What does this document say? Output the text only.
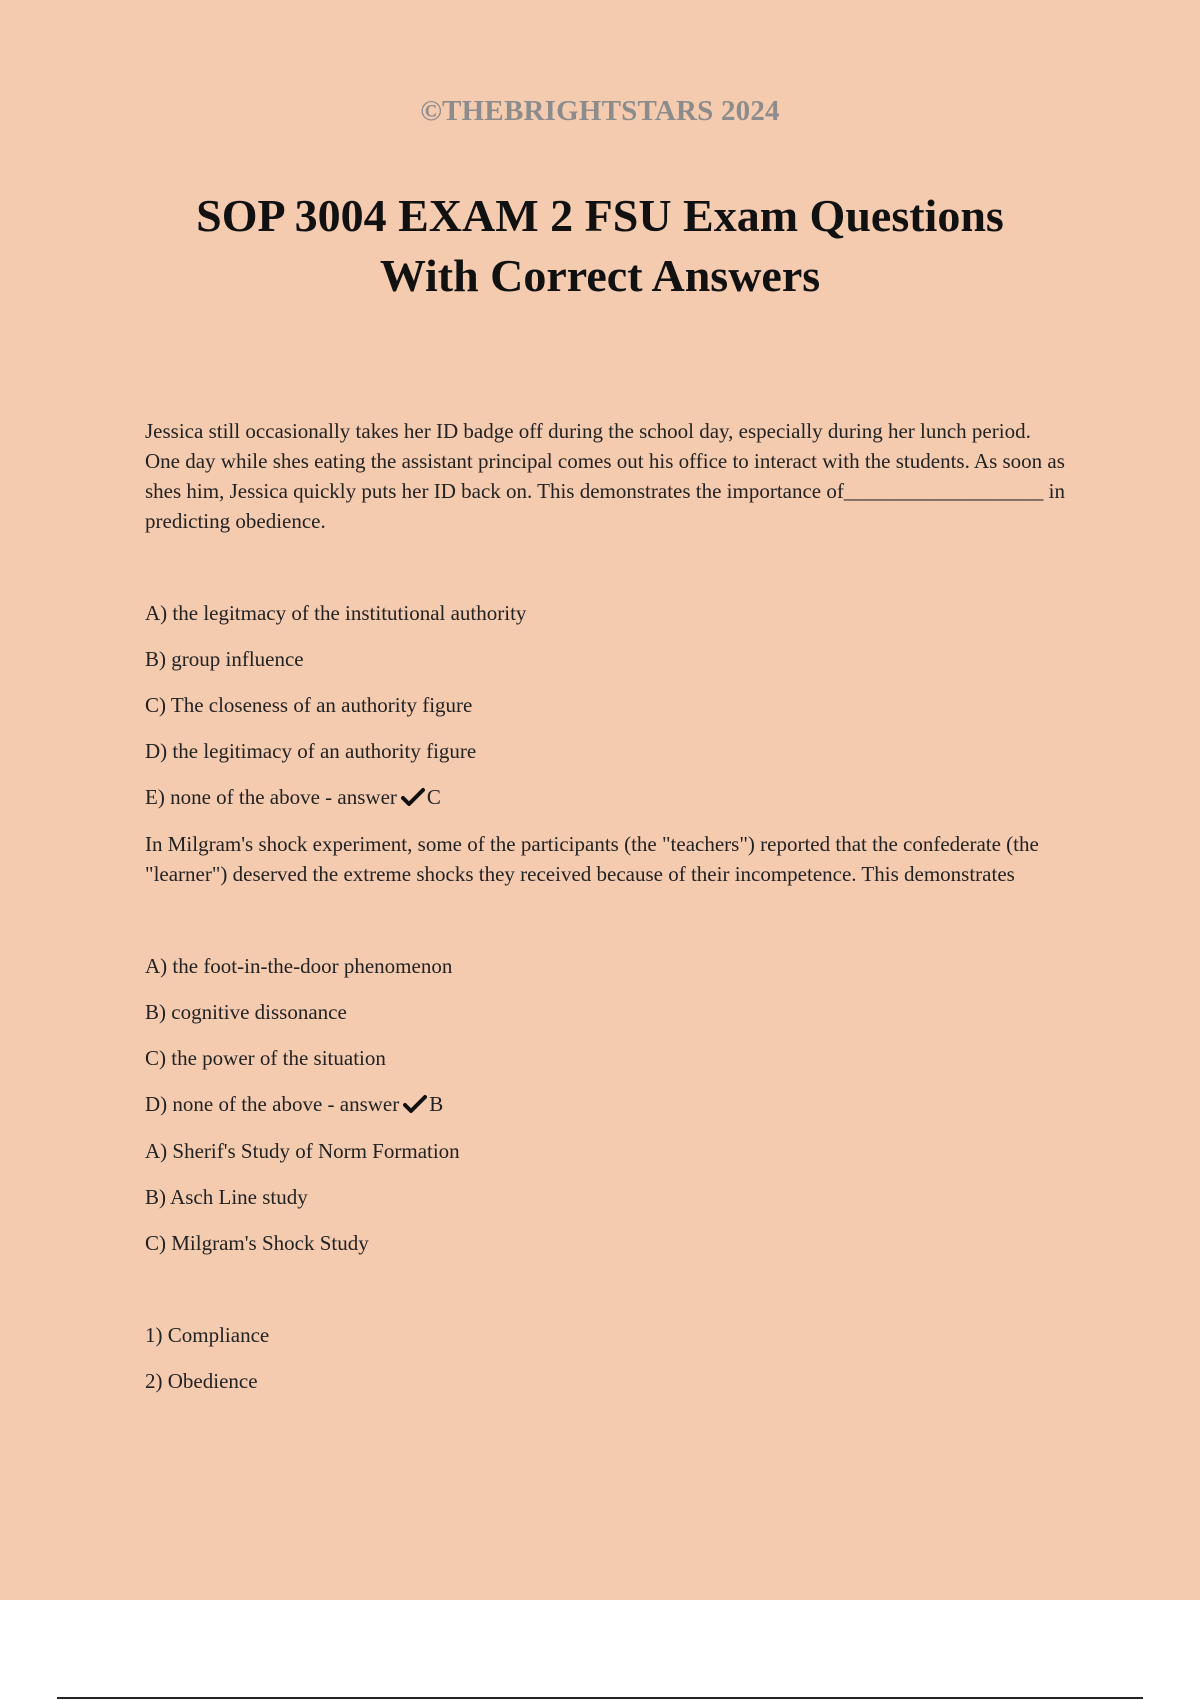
©THEBRIGHTSTARS 2024
SOP 3004 EXAM 2 FSU Exam Questions
With Correct Answers

Jessica still occasionally takes her ID badge off during the school day, especially during her lunch period. One day while shes eating the assistant principal comes out his office to interact with the students. As soon as shes him, Jessica quickly puts her ID back on. This demonstrates the importance of___________________ in predicting obedience.

A) the legitmacy of the institutional authority

B) group influence

C) The closeness of an authority figure

D) the legitimacy of an authority figure

E) none of the above - answer C

In Milgram's shock experiment, some of the participants (the "teachers") reported that the confederate (the "learner") deserved the extreme shocks they received because of their incompetence. This demonstrates

A) the foot-in-the-door phenomenon

B) cognitive dissonance

C) the power of the situation

D) none of the above - answer B

A) Sherif's Study of Norm Formation

B) Asch Line study

C) Milgram's Shock Study

1) Compliance

2) Obedience
